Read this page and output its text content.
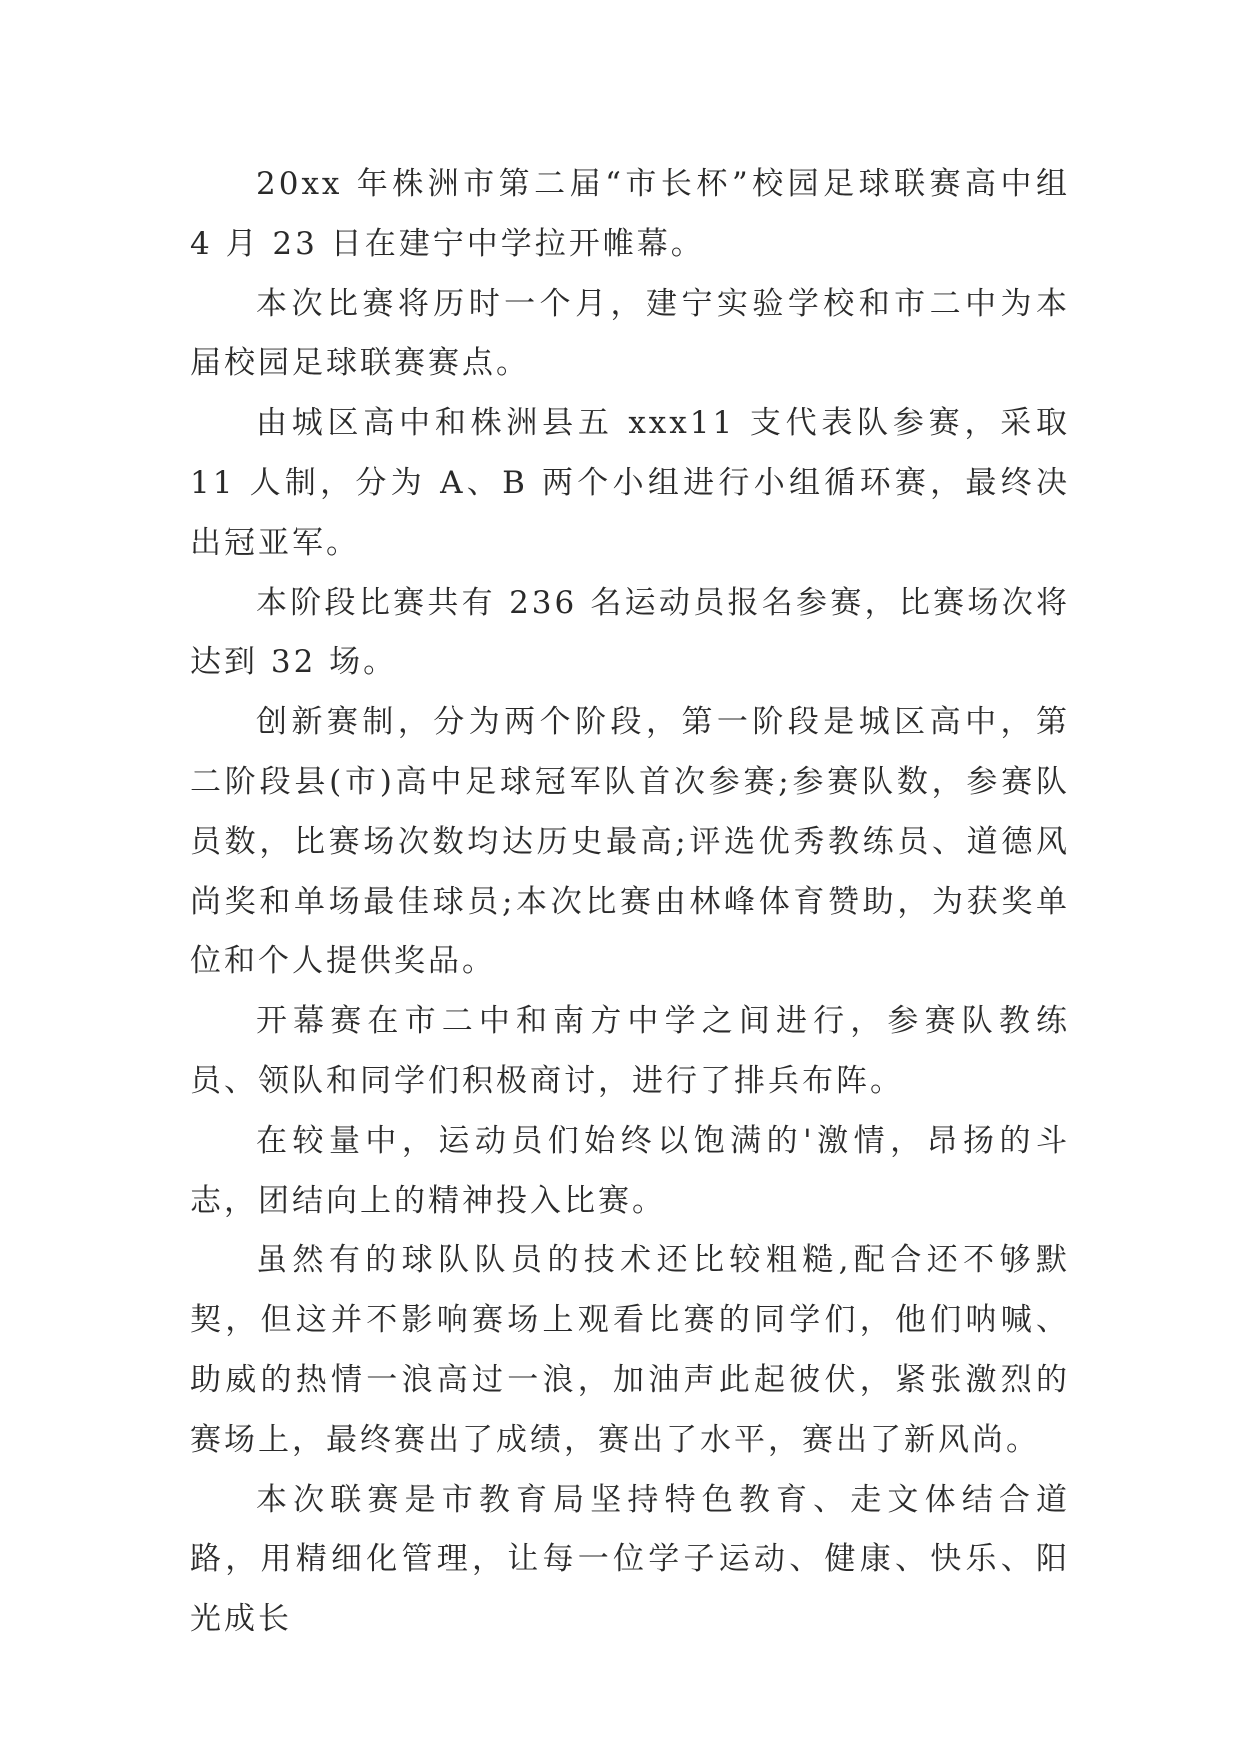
20xx 年株洲市第二届“市长杯”校园足球联赛高中组 4 月 23 日在建宁中学拉开帷幕。

本次比赛将历时一个月，建宁实验学校和市二中为本届校园足球联赛赛点。

由城区高中和株洲县五 xxx11 支代表队参赛，采取 11 人制，分为 A、B 两个小组进行小组循环赛，最终决出冠亚军。

本阶段比赛共有 236 名运动员报名参赛，比赛场次将达到 32 场。

创新赛制，分为两个阶段，第一阶段是城区高中，第二阶段县(市)高中足球冠军队首次参赛;参赛队数，参赛队员数，比赛场次数均达历史最高;评选优秀教练员、道德风尚奖和单场最佳球员;本次比赛由林峰体育赞助，为获奖单位和个人提供奖品。

开幕赛在市二中和南方中学之间进行，参赛队教练员、领队和同学们积极商讨，进行了排兵布阵。

在较量中，运动员们始终以饱满的'激情，昂扬的斗志，团结向上的精神投入比赛。

虽然有的球队队员的技术还比较粗糙,配合还不够默契，但这并不影响赛场上观看比赛的同学们，他们呐喊、助威的热情一浪高过一浪，加油声此起彼伏，紧张激烈的赛场上，最终赛出了成绩，赛出了水平，赛出了新风尚。

本次联赛是市教育局坚持特色教育、走文体结合道路，用精细化管理，让每一位学子运动、健康、快乐、阳光成长
